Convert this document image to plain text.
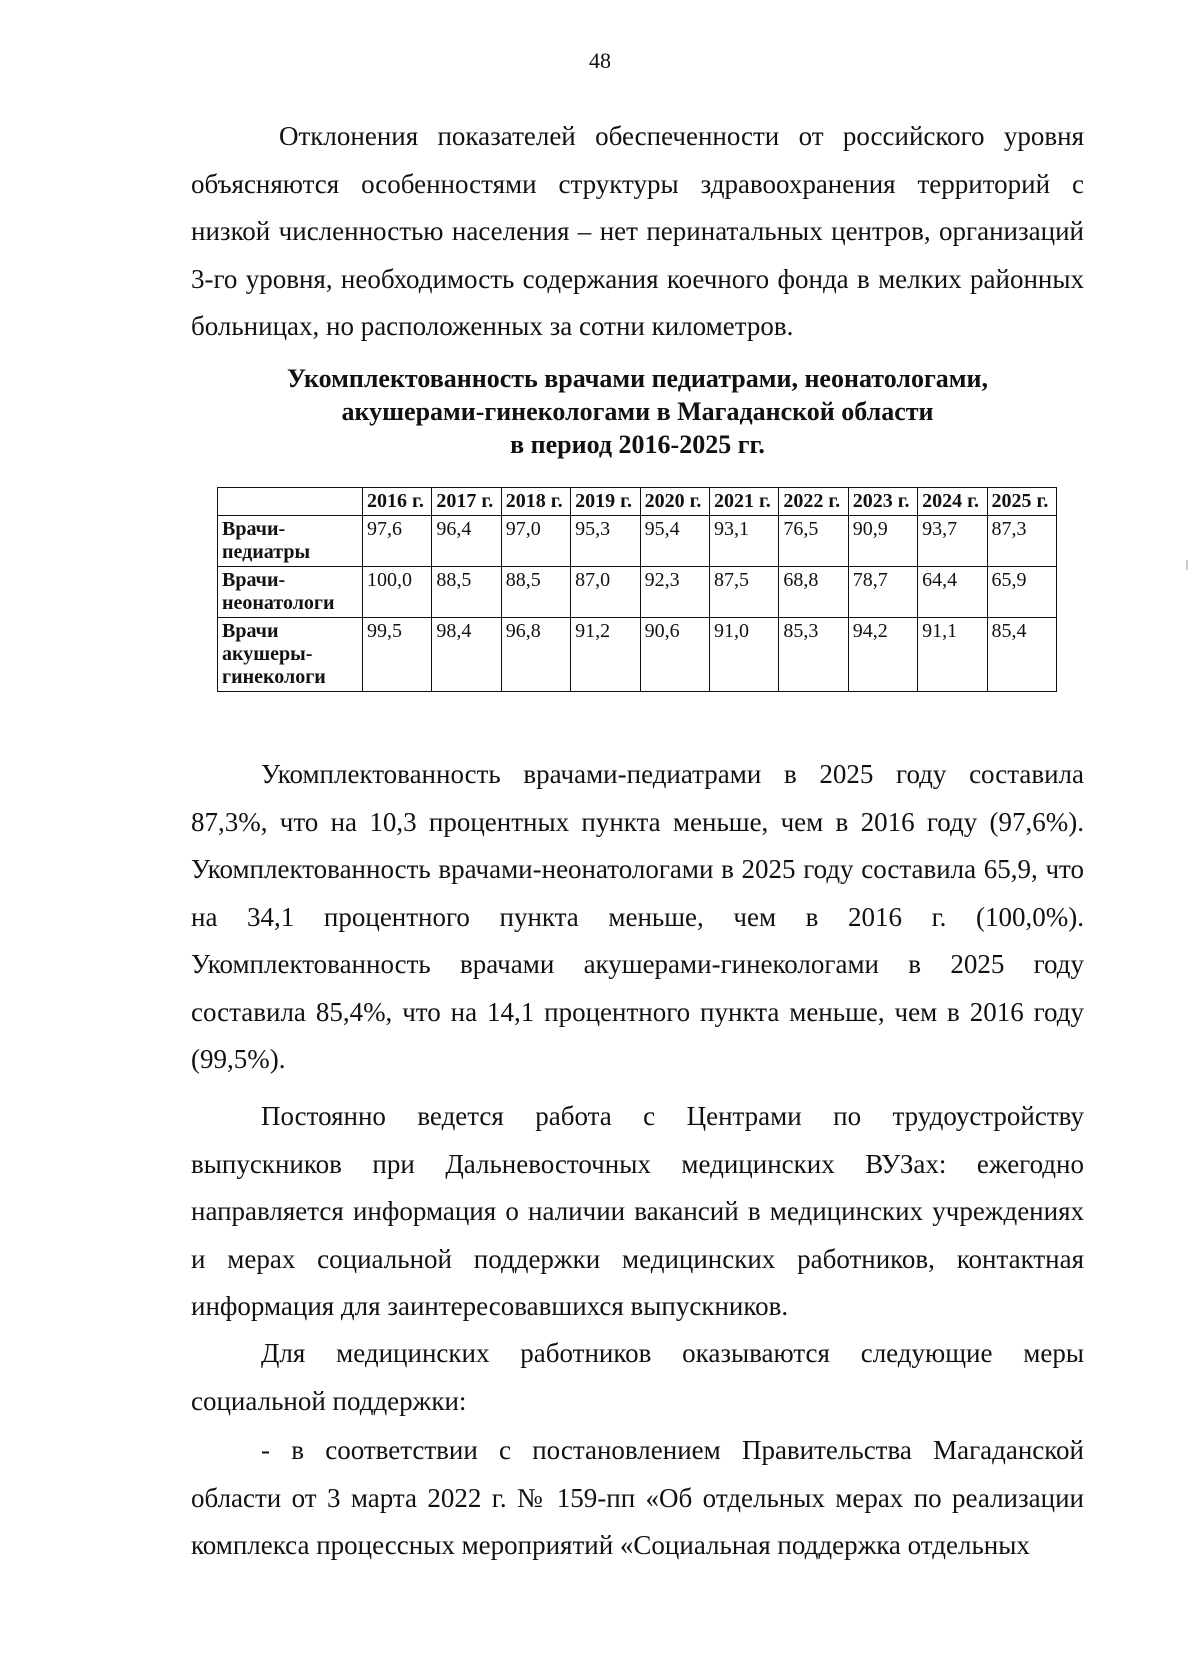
48

Отклонения показателей обеспеченности от российского уровня объясняются особенностями структуры здравоохранения территорий с низкой численностью населения – нет перинатальных центров, организаций 3-го уровня, необходимость содержания коечного фонда в мелких районных больницах, но расположенных за сотни километров.

Укомплектованность врачами педиатрами, неонатологами,
акушерами-гинекологами в Магаданской области
в период 2016-2025 гг.
	2016 г.	2017 г.	2018 г.	2019 г.	2020 г.	2021 г.	2022 г.	2023 г.	2024 г.	2025 г.
Врачи-педиатры	97,6	96,4	97,0	95,3	95,4	93,1	76,5	90,9	93,7	87,3
Врачи-неонатологи	100,0	88,5	88,5	87,0	92,3	87,5	68,8	78,7	64,4	65,9
Врачи акушеры-гинекологи	99,5	98,4	96,8	91,2	90,6	91,0	85,3	94,2	91,1	85,4

Укомплектованность врачами-педиатрами в 2025 году составила 87,3%, что на 10,3 процентных пункта меньше, чем в 2016 году (97,6%). Укомплектованность врачами-неонатологами в 2025 году составила 65,9, что на 34,1 процентного пункта меньше, чем в 2016 г. (100,0%). Укомплектованность врачами акушерами-гинекологами в 2025 году составила 85,4%, что на 14,1 процентного пункта меньше, чем в 2016 году (99,5%).

Постоянно ведется работа с Центрами по трудоустройству выпускников при Дальневосточных медицинских ВУЗах: ежегодно направляется информация о наличии вакансий в медицинских учреждениях и мерах социальной поддержки медицинских работников, контактная информация для заинтересовавшихся выпускников.

Для медицинских работников оказываются следующие меры социальной поддержки:

- в соответствии с постановлением Правительства Магаданской области от 3 марта 2022 г. № 159-пп «Об отдельных мерах по реализации комплекса процессных мероприятий «Социальная поддержка отдельных
